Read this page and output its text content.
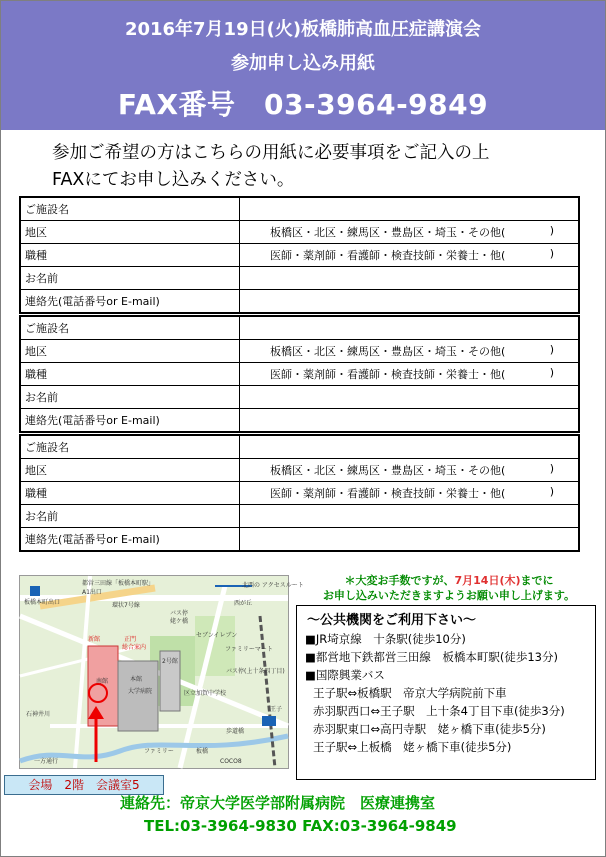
2016年7月19日(火)板橋肺高血圧症講演会
参加申し込み用紙
FAX番号　03-3964-9849
参加ご希望の方はこちらの用紙に必要事項をご記入の上
FAXにてお申し込みください。
ご施設名	
地区	板橋区・北区・練馬区・豊島区・埼玉・その他( )

職種	医師・薬剤師・看護師・検査技師・栄養士・他( )

お名前	
連絡先(電話番号or E-mail)	
ご施設名	
地区	板橋区・北区・練馬区・豊島区・埼玉・その他( )

職種	医師・薬剤師・看護師・検査技師・栄養士・他( )

お名前	
連絡先(電話番号or E-mail)	
ご施設名	
地区	板橋区・北区・練馬区・豊島区・埼玉・その他( )

職種	医師・薬剤師・看護師・検査技師・栄養士・他( )

お名前	
連絡先(電話番号or E-mail)	
都営三田線「板橋本町駅」
A1出口
板橋本町出口	環状7号線
バス停
姥ケ橋
セブンイレブン
ファミリーマート
新館
南館
大学病院
総合案内
石神井川
一方通行
板橋
ファミリー
COCO8
王子
歩道橋
区立加賀中学校
バス停(上十条四丁目)
正門
本館
2号館
西が丘
北西の アクセスルート
会場　2階　会議室5
＊大変お手数ですが、7月14日(木)までに
お申し込みいただきますようお願い申し上げます。
～公共機関をご利用下さい～
■JR埼京線　十条駅(徒歩10分)
■都営地下鉄都営三田線　板橋本町駅(徒歩13分)
■国際興業バス
王子駅⇔板橋駅　帝京大学病院前下車
赤羽駅西口⇔王子駅　上十条4丁目下車(徒歩3分)
赤羽駅東口⇔高円寺駅　姥ヶ橋下車(徒歩5分)
王子駅⇔上板橋　姥ヶ橋下車(徒歩5分)
連絡先：帝京大学医学部附属病院　医療連携室
TEL:03-3964-9830 FAX:03-3964-9849
